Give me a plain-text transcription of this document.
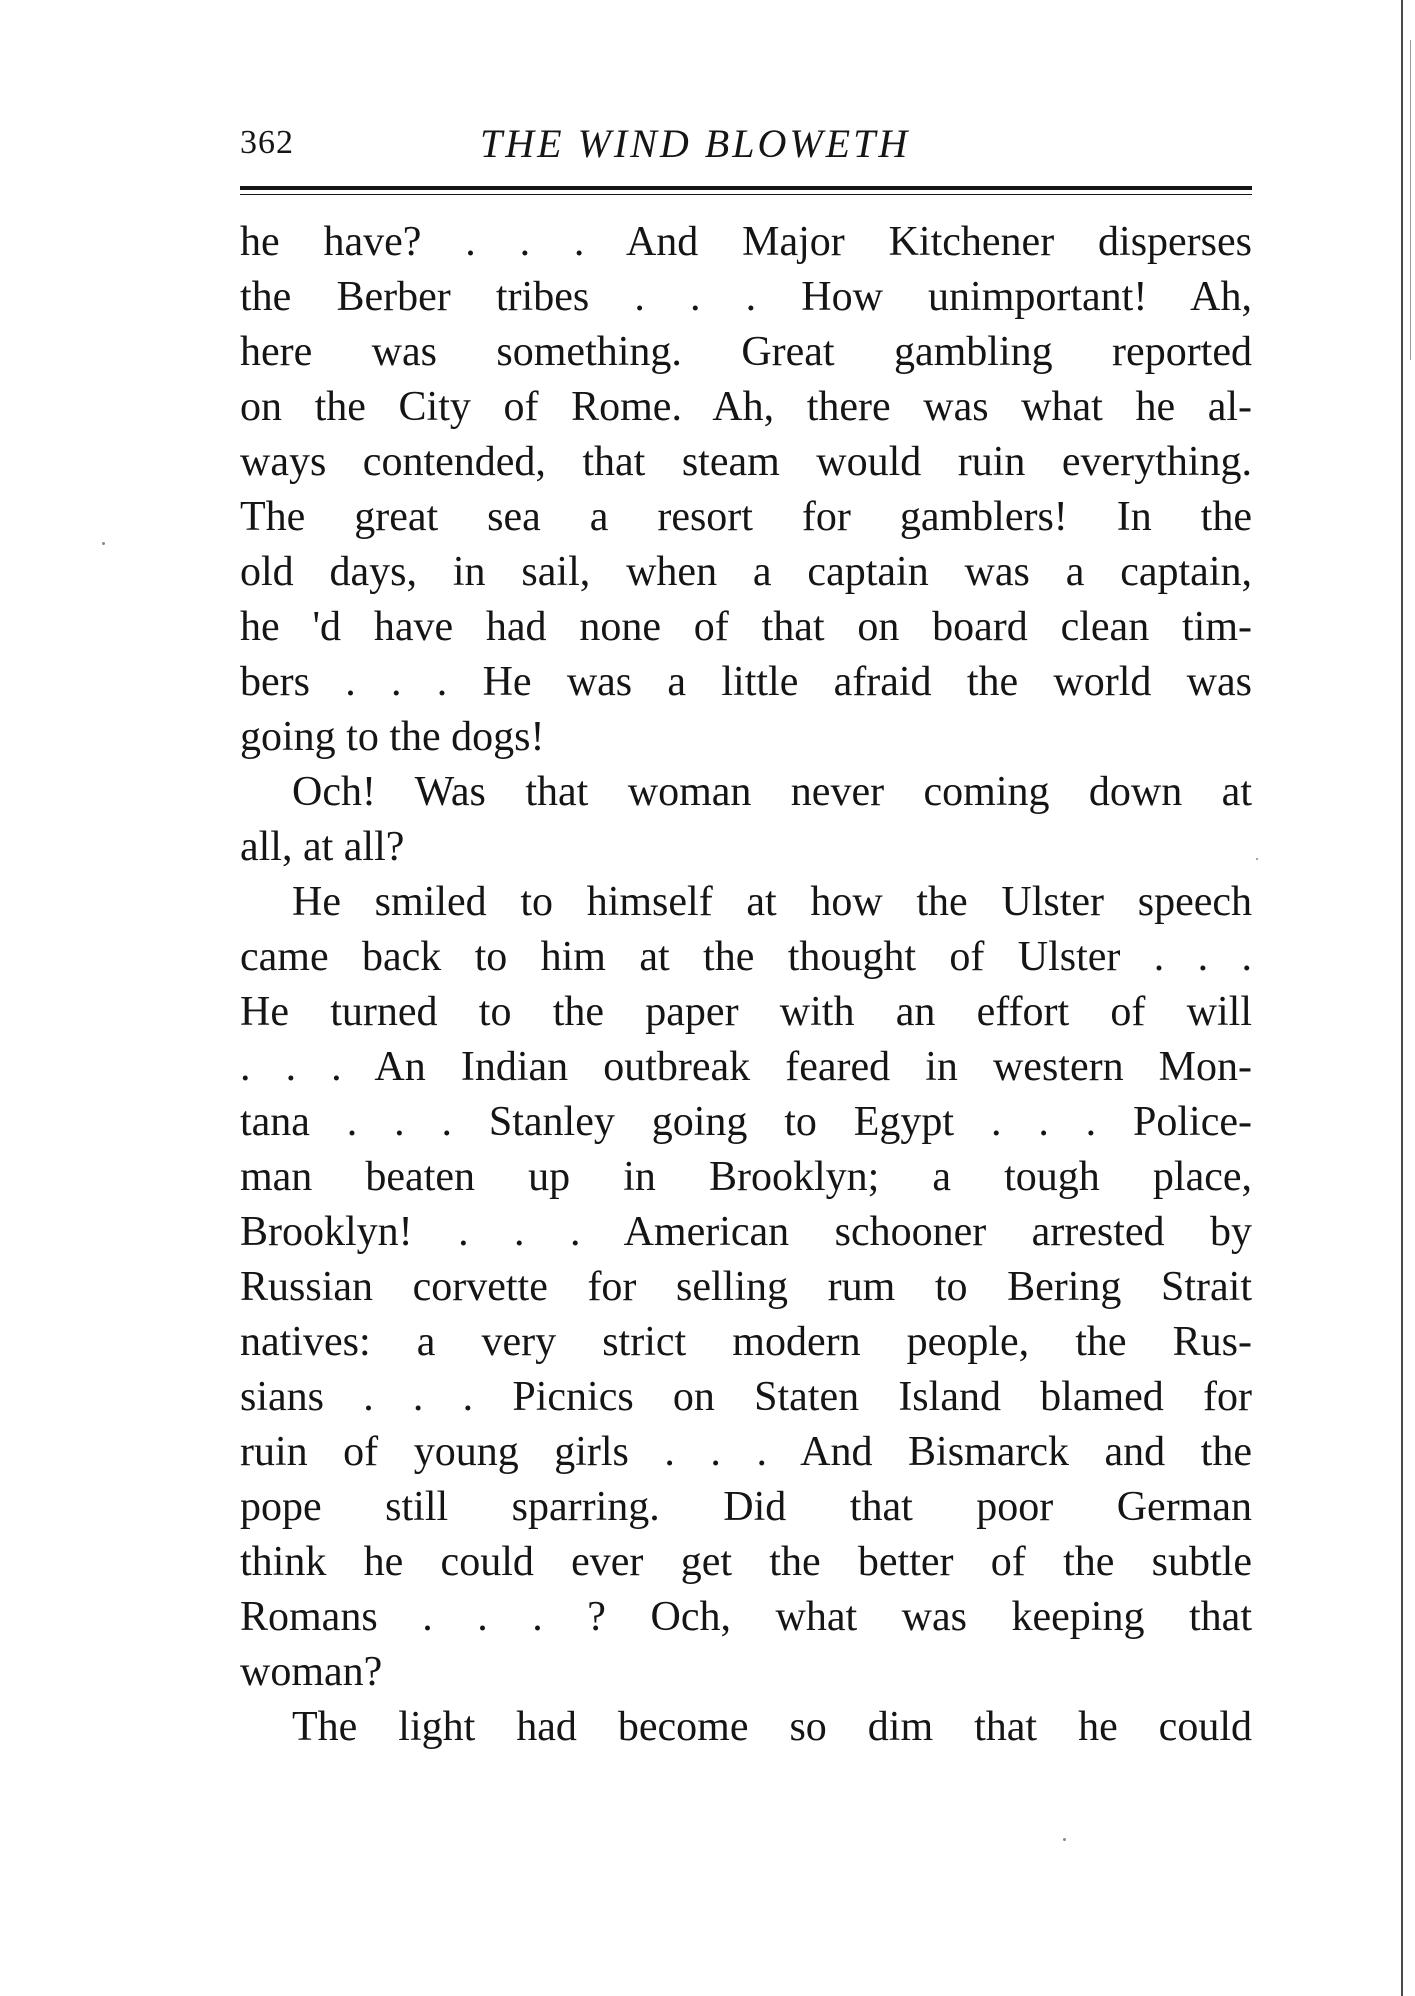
362	THE WIND BLOWETH
he have? . . . And Major Kitchener disperses
the Berber tribes . . . How unimportant! Ah,
here was something. Great gambling reported
on the City of Rome. Ah, there was what he al-
ways contended, that steam would ruin everything.
The great sea a resort for gamblers! In the
old days, in sail, when a captain was a captain,
he 'd have had none of that on board clean tim-
bers . . . He was a little afraid the world was
going to the dogs!
Och! Was that woman never coming down at
all, at all?
He smiled to himself at how the Ulster speech
came back to him at the thought of Ulster . . .
He turned to the paper with an effort of will
. . . An Indian outbreak feared in western Mon-
tana . . . Stanley going to Egypt . . . Police-
man beaten up in Brooklyn; a tough place,
Brooklyn! . . . American schooner arrested by
Russian corvette for selling rum to Bering Strait
natives: a very strict modern people, the Rus-
sians . . . Picnics on Staten Island blamed for
ruin of young girls . . . And Bismarck and the
pope still sparring. Did that poor German
think he could ever get the better of the subtle
Romans . . . ? Och, what was keeping that
woman?
The light had become so dim that he could
